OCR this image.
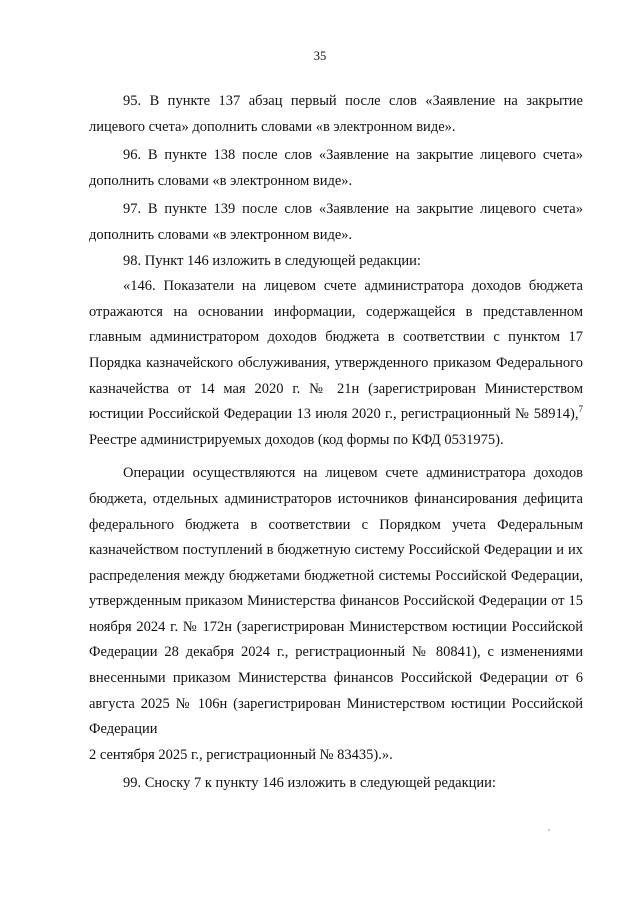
35

95. В пункте 137 абзац первый после слов «Заявление на закрытие лицевого счета» дополнить словами «в электронном виде».

96. В пункте 138 после слов «Заявление на закрытие лицевого счета» дополнить словами «в электронном виде».

97. В пункте 139 после слов «Заявление на закрытие лицевого счета» дополнить словами «в электронном виде».

98. Пункт 146 изложить в следующей редакции:

«146. Показатели на лицевом счете администратора доходов бюджета отражаются на основании информации, содержащейся в представленном главным администратором доходов бюджета в соответствии с пунктом 17 Порядка казначейского обслуживания, утвержденного приказом Федерального казначейства от 14 мая 2020 г. № 21н (зарегистрирован Министерством юстиции Российской Федерации 13 июля 2020 г., регистрационный № 58914),$^7$

Реестре администрируемых доходов (код формы по КФД 0531975).

Операции осуществляются на лицевом счете администратора доходов бюджета, отдельных администраторов источников финансирования дефицита федерального бюджета в соответствии с Порядком учета Федеральным казначейством поступлений в бюджетную систему Российской Федерации и их распределения между бюджетами бюджетной системы Российской Федерации, утвержденным приказом Министерства финансов Российской Федерации от 15 ноября 2024 г. № 172н (зарегистрирован Министерством юстиции Российской Федерации 28 декабря 2024 г., регистрационный № 80841), с изменениями внесенными приказом Министерства финансов Российской Федерации от 6 августа 2025 № 106н (зарегистрирован Министерством юстиции Российской Федерации

2 сентября 2025 г., регистрационный № 83435).».

99. Сноску 7 к пункту 146 изложить в следующей редакции:
